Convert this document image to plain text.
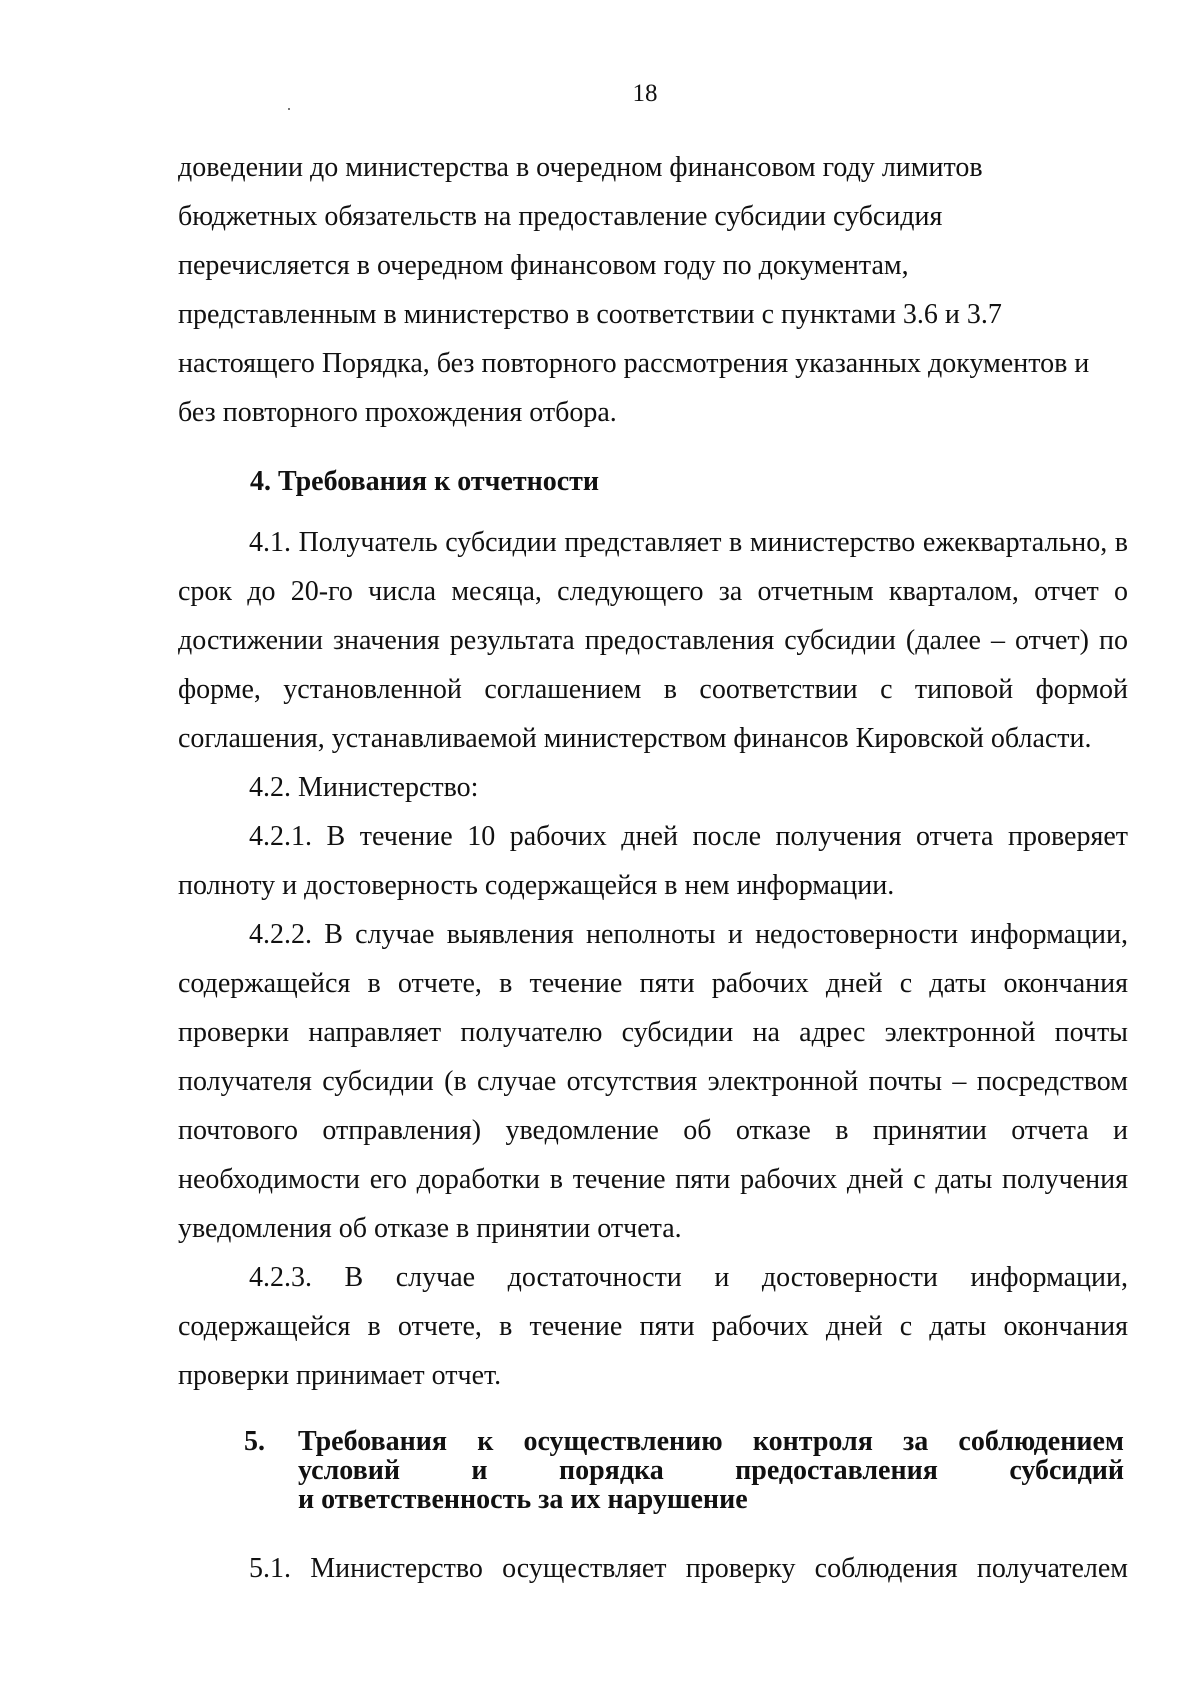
18
доведении до министерства в очередном финансовом году лимитов
бюджетных обязательств на предоставление субсидии субсидия
перечисляется в очередном финансовом году по документам,
представленным в министерство в соответствии с пунктами 3.6 и 3.7
настоящего Порядка, без повторного рассмотрения указанных документов и
без повторного прохождения отбора.
4. Требования к отчетности
4.1. Получатель субсидии представляет в министерство ежеквартально, в срок до 20-го числа месяца, следующего за отчетным кварталом, отчет о достижении значения результата предоставления субсидии (далее – отчет) по форме, установленной соглашением в соответствии с типовой формой соглашения, устанавливаемой министерством финансов Кировской области.
4.2. Министерство:
4.2.1. В течение 10 рабочих дней после получения отчета проверяет полноту и достоверность содержащейся в нем информации.
4.2.2. В случае выявления неполноты и недостоверности информации, содержащейся в отчете, в течение пяти рабочих дней с даты окончания проверки направляет получателю субсидии на адрес электронной почты получателя субсидии (в случае отсутствия электронной почты – посредством почтового отправления) уведомление об отказе в принятии отчета и необходимости его доработки в течение пяти рабочих дней с даты получения уведомления об отказе в принятии отчета.
4.2.3. В случае достаточности и достоверности информации, содержащейся в отчете, в течение пяти рабочих дней с даты окончания проверки принимает отчет.
5. Требования к осуществлению контроля за соблюдением
условий и порядка предоставления субсидий
и ответственность за их нарушение
5.1. Министерство осуществляет проверку соблюдения получателем
